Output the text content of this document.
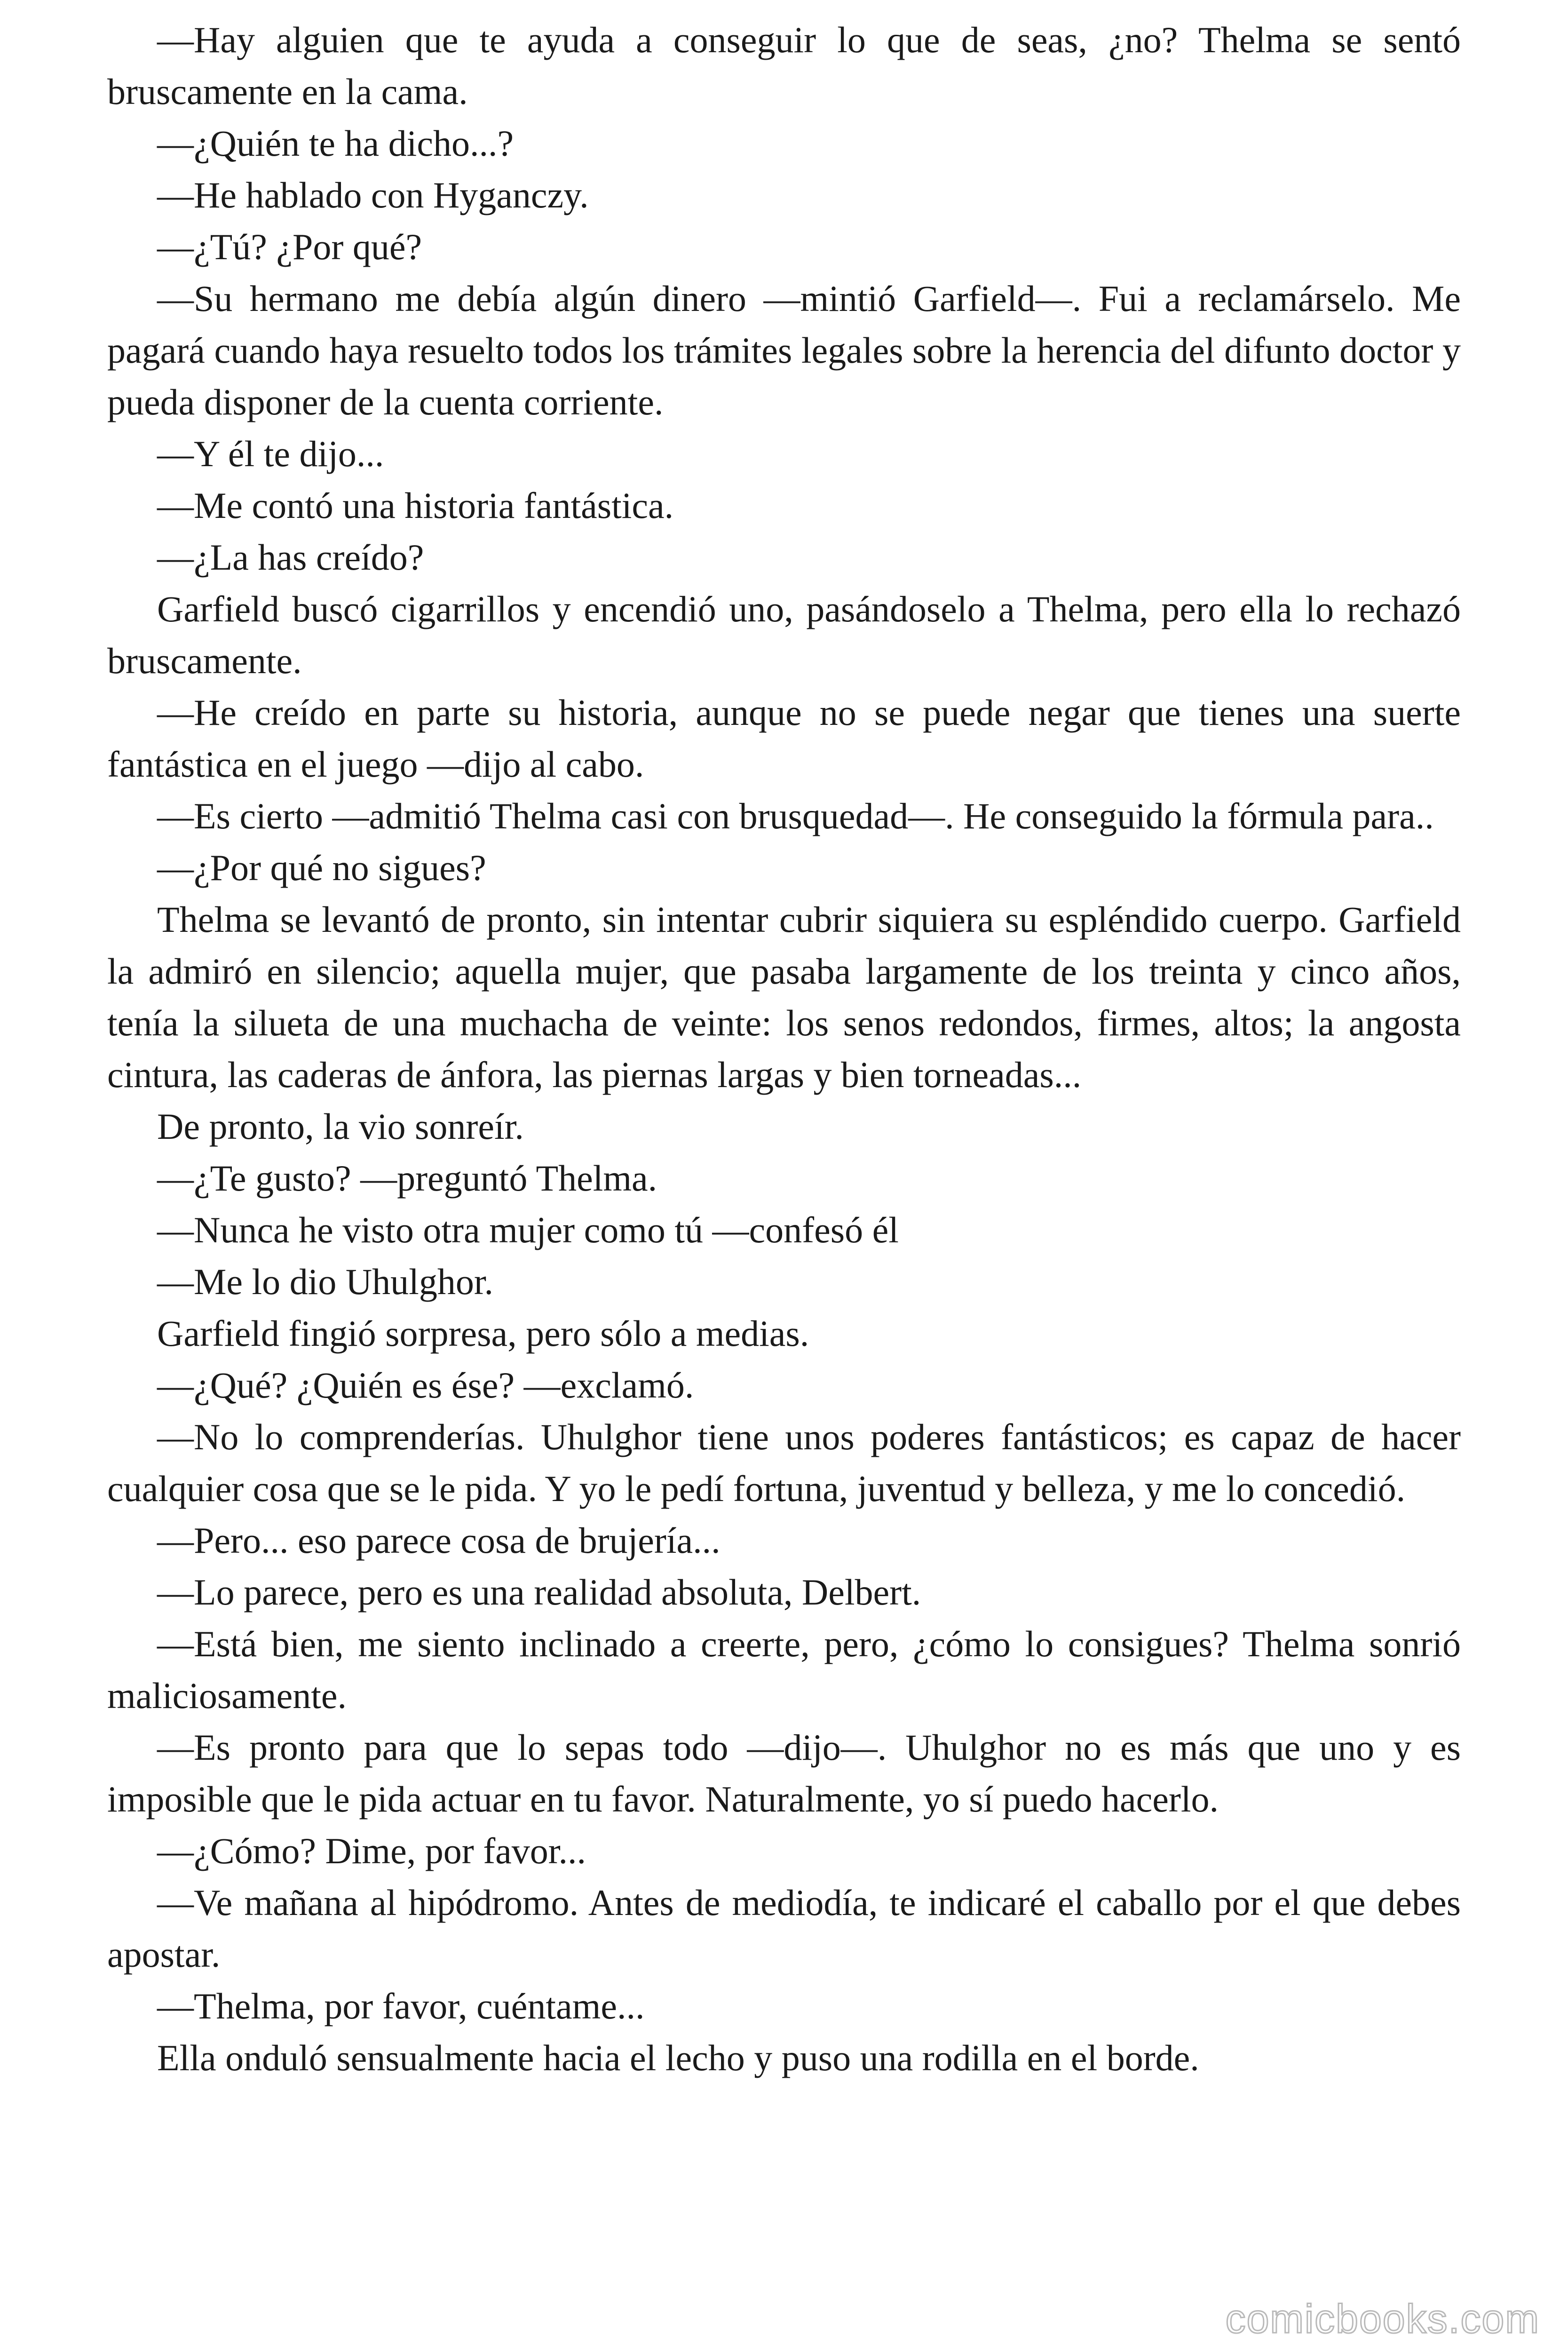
—Hay alguien que te ayuda a conseguir lo que de seas, ¿no? Thelma se sentó bruscamente en la cama.

—¿Quién te ha dicho...?

—He hablado con Hyganczy.

—¿Tú? ¿Por qué?

—Su hermano me debía algún dinero —mintió Garfield—. Fui a reclamárselo. Me pagará cuando haya resuelto todos los trámites legales sobre la herencia del difunto doctor y pueda disponer de la cuenta corriente.

—Y él te dijo...

—Me contó una historia fantástica.

—¿La has creído?

Garfield buscó cigarrillos y encendió uno, pasándoselo a Thelma, pero ella lo rechazó bruscamente.

—He creído en parte su historia, aunque no se puede negar que tienes una suerte fantástica en el juego —dijo al cabo.

—Es cierto —admitió Thelma casi con brusquedad—. He conseguido la fórmula para..

—¿Por qué no sigues?

Thelma se levantó de pronto, sin intentar cubrir siquiera su espléndido cuerpo. Garfield la admiró en silencio; aquella mujer, que pasaba largamente de los treinta y cinco años, tenía la silueta de una muchacha de veinte: los senos redondos, firmes, altos; la angosta cintura, las caderas de ánfora, las piernas largas y bien torneadas...

De pronto, la vio sonreír.

—¿Te gusto? —preguntó Thelma.

—Nunca he visto otra mujer como tú —confesó él

—Me lo dio Uhulghor.

Garfield fingió sorpresa, pero sólo a medias.

—¿Qué? ¿Quién es ése? —exclamó.

—No lo comprenderías. Uhulghor tiene unos poderes fantásticos; es capaz de hacer cualquier cosa que se le pida. Y yo le pedí fortuna, juventud y belleza, y me lo concedió.

—Pero... eso parece cosa de brujería...

—Lo parece, pero es una realidad absoluta, Delbert.

—Está bien, me siento inclinado a creerte, pero, ¿cómo lo consigues? Thelma sonrió maliciosamente.

—Es pronto para que lo sepas todo —dijo—. Uhulghor no es más que uno y es imposible que le pida actuar en tu favor. Naturalmente, yo sí puedo hacerlo.

—¿Cómo? Dime, por favor...

—Ve mañana al hipódromo. Antes de mediodía, te indicaré el caballo por el que debes apostar.

—Thelma, por favor, cuéntame...

Ella onduló sensualmente hacia el lecho y puso una rodilla en el borde.

comicbooks.com
